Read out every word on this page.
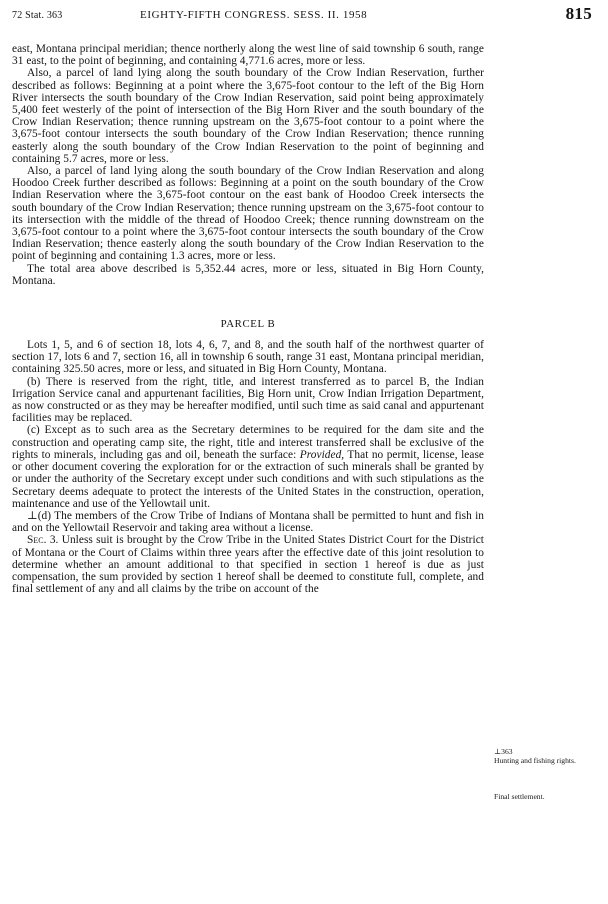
72 Stat. 363	EIGHTY-FIFTH CONGRESS. SESS. II. 1958	815

east, Montana principal meridian; thence northerly along the west line of said township 6 south, range 31 east, to the point of beginning, and containing 4,771.6 acres, more or less.

Also, a parcel of land lying along the south boundary of the Crow Indian Reservation, further described as follows: Beginning at a point where the 3,675-foot contour to the left of the Big Horn River intersects the south boundary of the Crow Indian Reservation, said point being approximately 5,400 feet westerly of the point of intersection of the Big Horn River and the south boundary of the Crow Indian Reservation; thence running upstream on the 3,675-foot contour to a point where the 3,675-foot contour intersects the south boundary of the Crow Indian Reservation; thence running easterly along the south boundary of the Crow Indian Reservation to the point of beginning and containing 5.7 acres, more or less.

Also, a parcel of land lying along the south boundary of the Crow Indian Reservation and along Hoodoo Creek further described as follows: Beginning at a point on the south boundary of the Crow Indian Reservation where the 3,675-foot contour on the east bank of Hoodoo Creek intersects the south boundary of the Crow Indian Reservation; thence running upstream on the 3,675-foot contour to its intersection with the middle of the thread of Hoodoo Creek; thence running downstream on the 3,675-foot contour to a point where the 3,675-foot contour intersects the south boundary of the Crow Indian Reservation; thence easterly along the south boundary of the Crow Indian Reservation to the point of beginning and containing 1.3 acres, more or less.

The total area above described is 5,352.44 acres, more or less, situated in Big Horn County, Montana.

PARCEL B

Lots 1, 5, and 6 of section 18, lots 4, 6, 7, and 8, and the south half of the northwest quarter of section 17, lots 6 and 7, section 16, all in township 6 south, range 31 east, Montana principal meridian, containing 325.50 acres, more or less, and situated in Big Horn County, Montana.

(b) There is reserved from the right, title, and interest transferred as to parcel B, the Indian Irrigation Service canal and appurtenant facilities, Big Horn unit, Crow Indian Irrigation Department, as now constructed or as they may be hereafter modified, until such time as said canal and appurtenant facilities may be replaced.

(c) Except as to such area as the Secretary determines to be required for the dam site and the construction and operating camp site, the right, title and interest transferred shall be exclusive of the rights to minerals, including gas and oil, beneath the surface: Provided, That no permit, license, lease or other document covering the exploration for or the extraction of such minerals shall be granted by or under the authority of the Secretary except under such conditions and with such stipulations as the Secretary deems adequate to protect the interests of the United States in the construction, operation, maintenance and use of the Yellowtail unit.

⊥(d) The members of the Crow Tribe of Indians of Montana shall be permitted to hunt and fish in and on the Yellowtail Reservoir and taking area without a license.

Sec. 3. Unless suit is brought by the Crow Tribe in the United States District Court for the District of Montana or the Court of Claims within three years after the effective date of this joint resolution to determine whether an amount additional to that specified in section 1 hereof is due as just compensation, the sum provided by section 1 hereof shall be deemed to constitute full, complete, and final settlement of any and all claims by the tribe on account of the

⊥363
Hunting and fishing rights.
Final settlement.
